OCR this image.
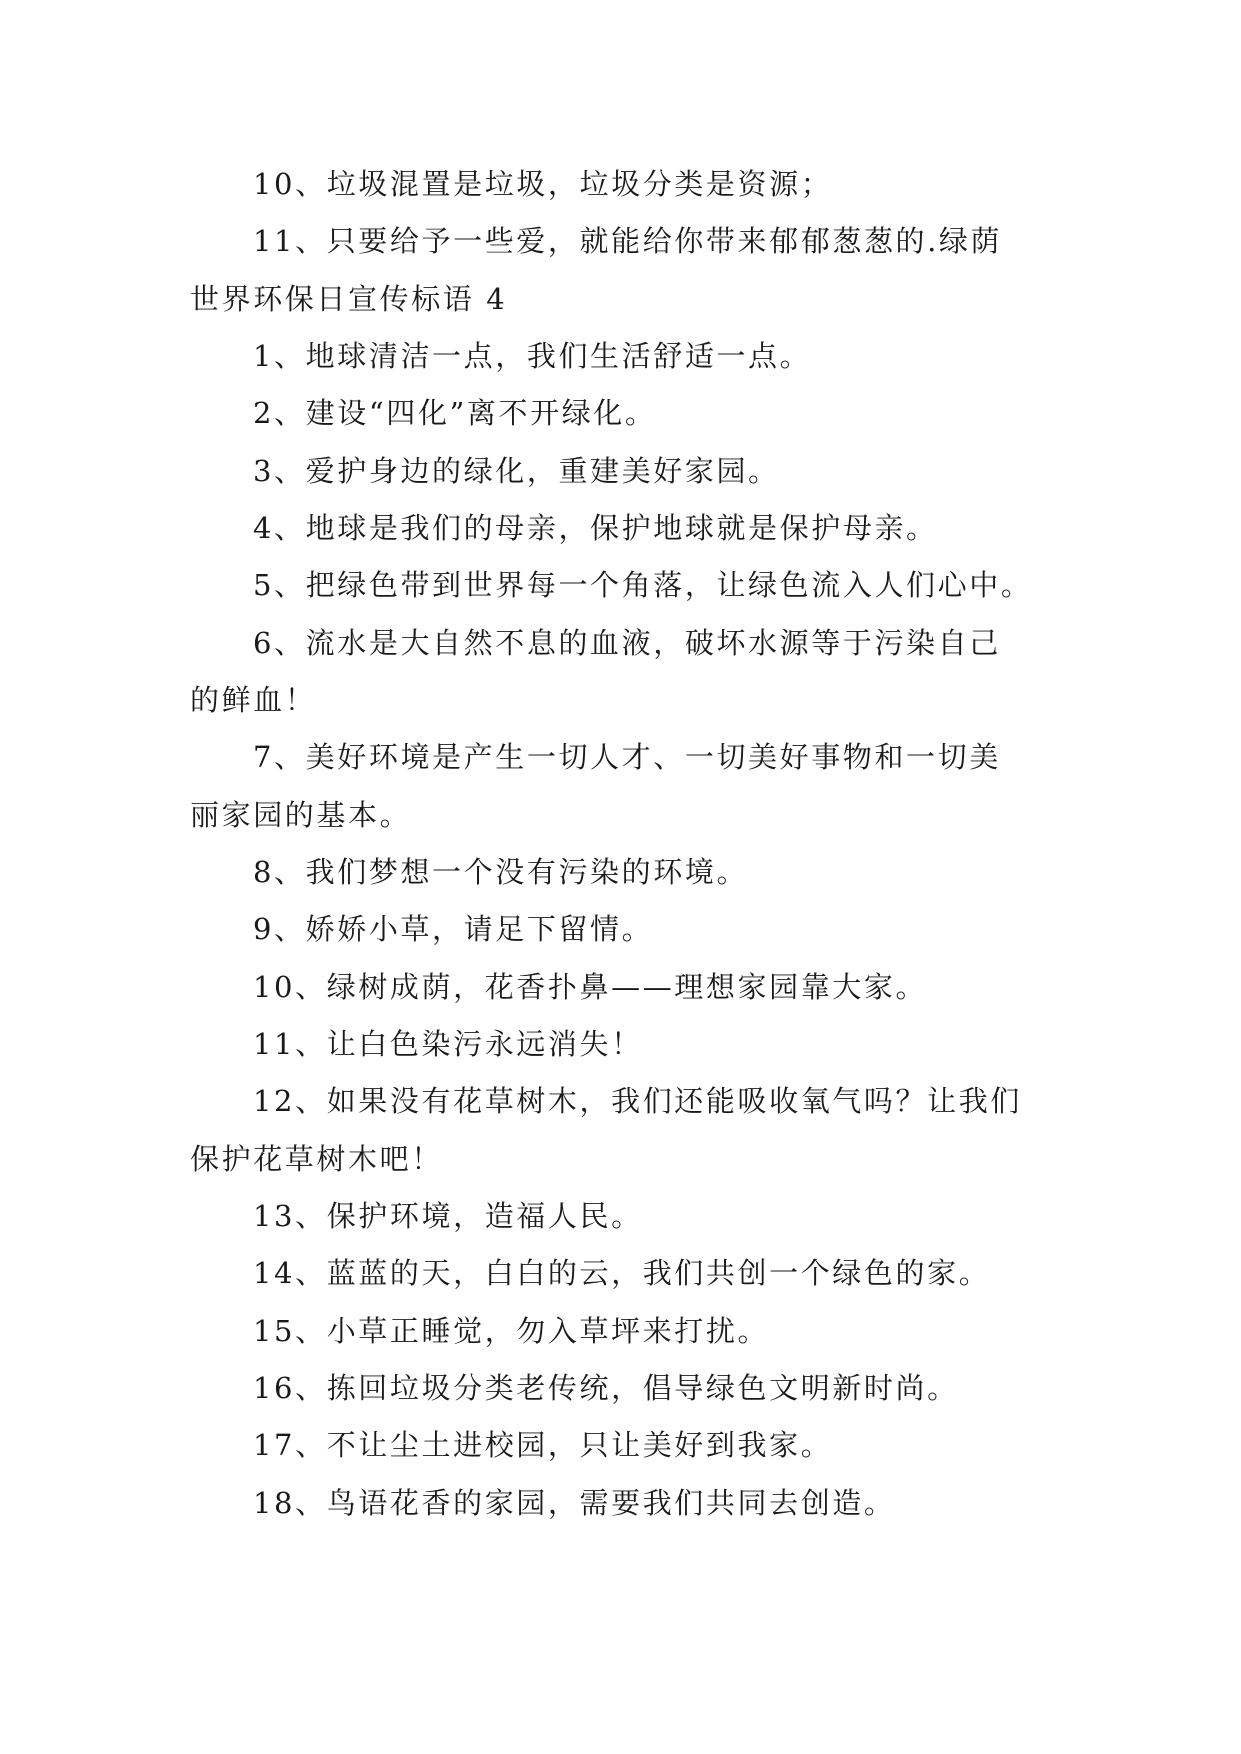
10、垃圾混置是垃圾，垃圾分类是资源；
11、只要给予一些爱，就能给你带来郁郁葱葱的.绿荫
世界环保日宣传标语 4
1、地球清洁一点，我们生活舒适一点。
2、建设“四化”离不开绿化。
3、爱护身边的绿化，重建美好家园。
4、地球是我们的母亲，保护地球就是保护母亲。
5、把绿色带到世界每一个角落，让绿色流入人们心中。
6、流水是大自然不息的血液，破坏水源等于污染自己
的鲜血！
7、美好环境是产生一切人才、一切美好事物和一切美
丽家园的基本。
8、我们梦想一个没有污染的环境。
9、娇娇小草，请足下留情。
10、绿树成荫，花香扑鼻——理想家园靠大家。
11、让白色染污永远消失！
12、如果没有花草树木，我们还能吸收氧气吗？让我们
保护花草树木吧！
13、保护环境，造福人民。
14、蓝蓝的天，白白的云，我们共创一个绿色的家。
15、小草正睡觉，勿入草坪来打扰。
16、拣回垃圾分类老传统，倡导绿色文明新时尚。
17、不让尘土进校园，只让美好到我家。
18、鸟语花香的家园，需要我们共同去创造。
